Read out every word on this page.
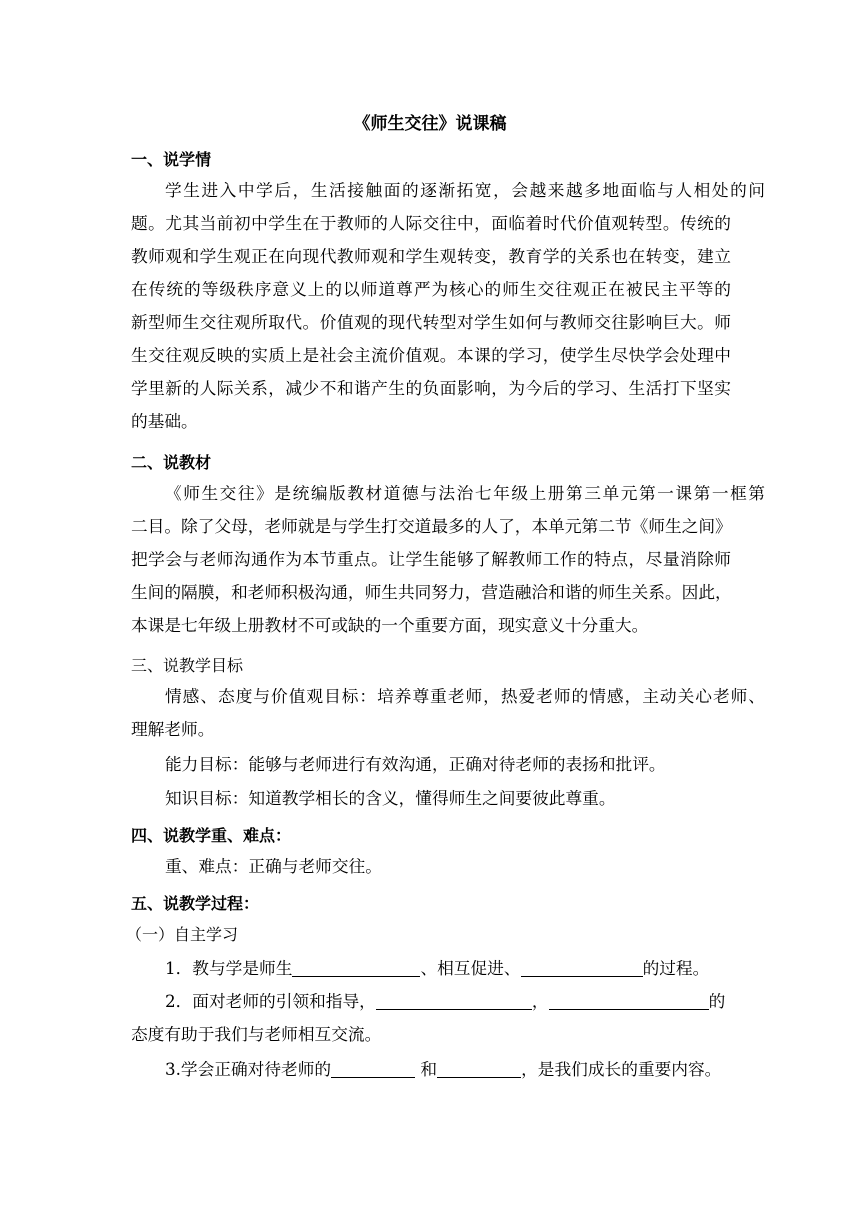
《师生交往》说课稿
一、说学情
学生进入中学后，生活接触面的逐渐拓宽，会越来越多地面临与人相处的问
题。尤其当前初中学生在于教师的人际交往中，面临着时代价值观转型。传统的
教师观和学生观正在向现代教师观和学生观转变，教育学的关系也在转变，建立
在传统的等级秩序意义上的以师道尊严为核心的师生交往观正在被民主平等的
新型师生交往观所取代。价值观的现代转型对学生如何与教师交往影响巨大。师
生交往观反映的实质上是社会主流价值观。本课的学习，使学生尽快学会处理中
学里新的人际关系，减少不和谐产生的负面影响，为今后的学习、生活打下坚实
的基础。
二、说教材
《师生交往》是统编版教材道德与法治七年级上册第三单元第一课第一框第
二目。除了父母，老师就是与学生打交道最多的人了，本单元第二节《师生之间》
把学会与老师沟通作为本节重点。让学生能够了解教师工作的特点，尽量消除师
生间的隔膜，和老师积极沟通，师生共同努力，营造融洽和谐的师生关系。因此，
本课是七年级上册教材不可或缺的一个重要方面，现实意义十分重大。
三、说教学目标
情感、态度与价值观目标：培养尊重老师，热爱老师的情感，主动关心老师、
理解老师。
能力目标：能够与老师进行有效沟通，正确对待老师的表扬和批评。
知识目标：知道教学相长的含义，懂得师生之间要彼此尊重。
四、说教学重、难点：
重、难点：正确与老师交往。
五、说教学过程：
（一）自主学习
1．教与学是师生	、相互促进、	的过程。
2．面对老师的引领和指导，	，	的
态度有助于我们与老师相互交流。
3.学会正确对待老师的	和	，是我们成长的重要内容。
